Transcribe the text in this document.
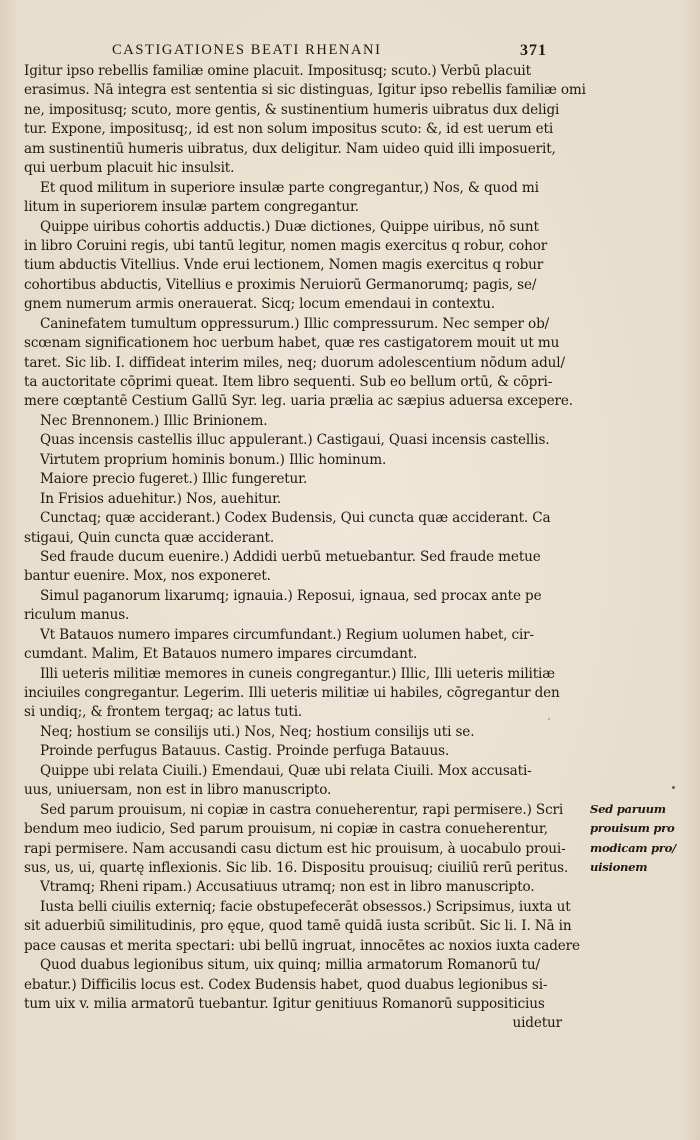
CASTIGATIONES BEATI RHENANI	371
Igitur ipso rebellis familiæ omine placuit. Impositusq; scuto.) Verbū placuit
erasimus. Nā integra est sententia si sic distinguas, Igitur ipso rebellis familiæ omi
ne, impositusq; scuto, more gentis, & sustinentium humeris uibratus dux deligi
tur. Expone, impositusq;, id est non solum impositus scuto: &, id est uerum eti
am sustinentiū humeris uibratus, dux deligitur. Nam uideo quid illi imposuerit,
qui uerbum placuit hic insulsit.
Et quod militum in superiore insulæ parte congregantur,) Nos, & quod mi
litum in superiorem insulæ partem congregantur.
Quippe uiribus cohortis adductis.) Duæ dictiones, Quippe uiribus, nō sunt
in libro Coruini regis, ubi tantū legitur, nomen magis exercitus q robur, cohor
tium abductis Vitellius. Vnde erui lectionem, Nomen magis exercitus q robur
cohortibus abductis, Vitellius e proximis Neruiorū Germanorumq; pagis, se/
gnem numerum armis onerauerat. Sicq; locum emendaui in contextu.
Caninefatem tumultum oppressurum.) Illic compressurum. Nec semper ob/
scœnam significationem hoc uerbum habet, quæ res castigatorem mouit ut mu
taret. Sic lib. I. diffideat interim miles, neq; duorum adolescentium nōdum adul/
ta auctoritate cōprimi queat. Item libro sequenti. Sub eo bellum ortū, & cōpri-
mere cœptantē Cestium Gallū Syr. leg. uaria prælia ac sæpius aduersa excepere.
Nec Brennonem.) Illic Brinionem.
Quas incensis castellis illuc appulerant.) Castigaui, Quasi incensis castellis.
Virtutem proprium hominis bonum.) Illic hominum.
Maiore precio fugeret.) Illic fungeretur.
In Frisios aduehitur.) Nos, auehitur.
Cunctaq; quæ acciderant.) Codex Budensis, Qui cuncta quæ acciderant. Ca
stigaui, Quin cuncta quæ acciderant.
Sed fraude ducum euenire.) Addidi uerbū metuebantur. Sed fraude metue
bantur euenire. Mox, nos exponeret.
Simul paganorum lixarumq; ignauia.) Reposui, ignaua, sed procax ante pe
riculum manus.
Vt Batauos numero impares circumfundant.) Regium uolumen habet, cir-
cumdant. Malim, Et Batauos numero impares circumdant.
Illi ueteris militiæ memores in cuneis congregantur.) Illic, Illi ueteris militiæ
inciuiles congregantur. Legerim. Illi ueteris militiæ ui habiles, cōgregantur den
si undiq;, & frontem tergaq; ac latus tuti.
Neq; hostium se consilijs uti.) Nos, Neq; hostium consilijs uti se.
Proinde perfugus Batauus. Castig. Proinde perfuga Batauus.
Quippe ubi relata Ciuili.) Emendaui, Quæ ubi relata Ciuili. Mox accusati-
uus, uniuersam, non est in libro manuscripto.
Sed parum prouisum, ni copiæ in castra conueherentur, rapi permisere.) Scri
bendum meo iudicio, Sed parum prouisum, ni copiæ in castra conueherentur,
rapi permisere. Nam accusandi casu dictum est hic prouisum, à uocabulo proui-
sus, us, ui, quartę inflexionis. Sic lib. 16. Dispositu prouisuq; ciuiliū rerū peritus.
Vtramq; Rheni ripam.) Accusatiuus utramq; non est in libro manuscripto.
Iusta belli ciuilis externiq; facie obstupefecerāt obsessos.) Scripsimus, iuxta ut
sit aduerbiū similitudinis, pro ęque, quod tamē quidā iusta scribūt. Sic li. I. Nā in
pace causas et merita spectari: ubi bellū ingruat, innocētes ac noxios iuxta cadere
Quod duabus legionibus situm, uix quinq; millia armatorum Romanorū tu/
ebatur.) Difficilis locus est. Codex Budensis habet, quod duabus legionibus si-
tum uix v. milia armatorū tuebantur. Igitur genitiuus Romanorū suppositicius
uidetur
Sed paruum
prouisum pro
modicam pro/
uisionem
